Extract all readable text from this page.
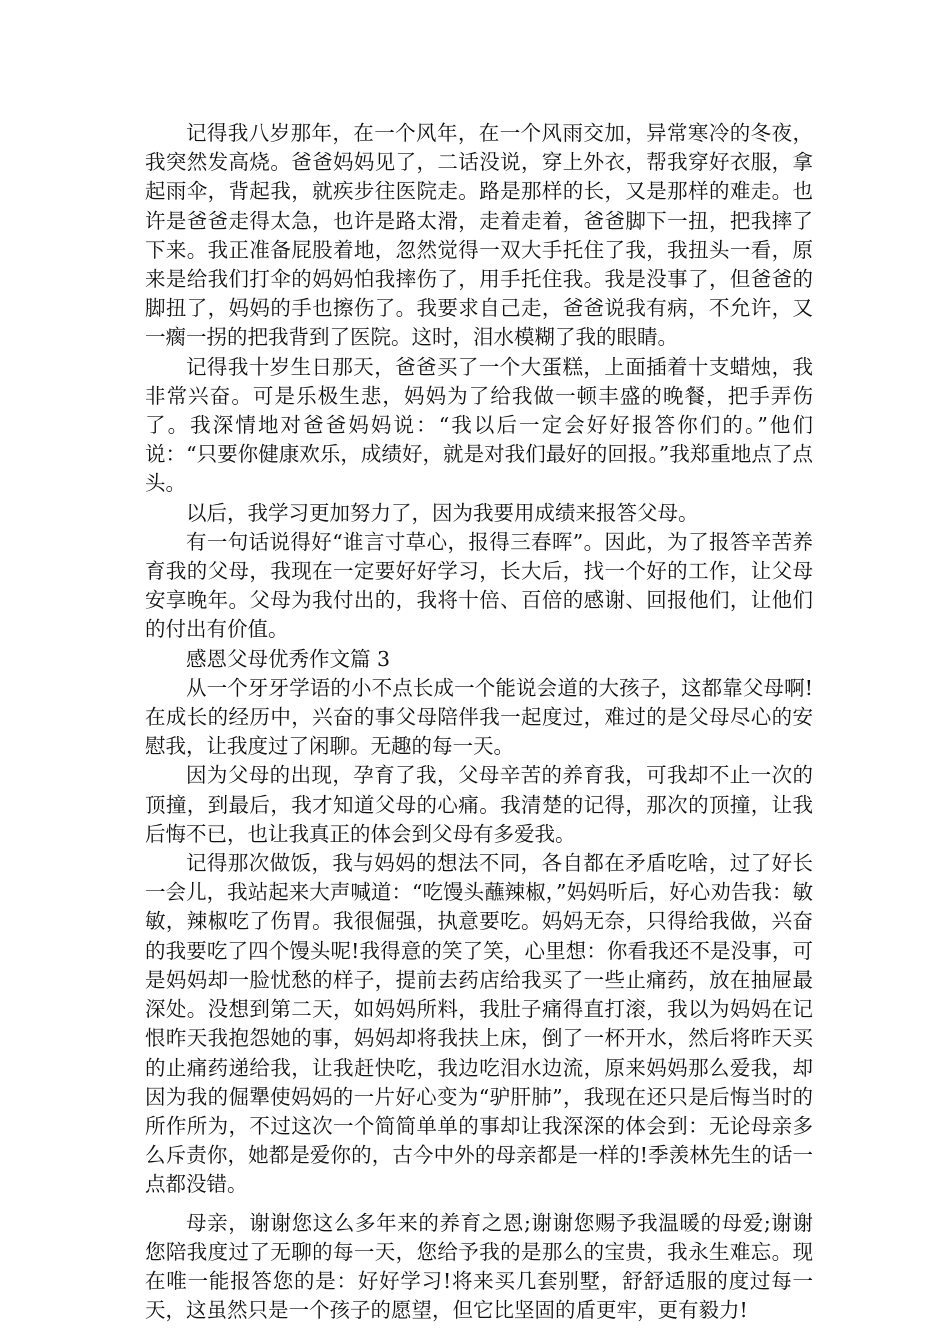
记得我八岁那年，在一个风年，在一个风雨交加，异常寒冷的冬夜，我突然发高烧。爸爸妈妈见了，二话没说，穿上外衣，帮我穿好衣服，拿起雨伞，背起我，就疾步往医院走。路是那样的长，又是那样的难走。也许是爸爸走得太急，也许是路太滑，走着走着，爸爸脚下一扭，把我摔了下来。我正准备屁股着地，忽然觉得一双大手托住了我，我扭头一看，原来是给我们打伞的妈妈怕我摔伤了，用手托住我。我是没事了，但爸爸的脚扭了，妈妈的手也擦伤了。我要求自己走，爸爸说我有病，不允许，又一瘸一拐的把我背到了医院。这时，泪水模糊了我的眼睛。

记得我十岁生日那天，爸爸买了一个大蛋糕，上面插着十支蜡烛，我非常兴奋。可是乐极生悲，妈妈为了给我做一顿丰盛的晚餐，把手弄伤了。我深情地对爸爸妈妈说：“我以后一定会好好报答你们的。”他们说：“只要你健康欢乐，成绩好，就是对我们最好的回报。”我郑重地点了点头。

以后，我学习更加努力了，因为我要用成绩来报答父母。

有一句话说得好“谁言寸草心，报得三春晖”。因此，为了报答辛苦养育我的父母，我现在一定要好好学习，长大后，找一个好的工作，让父母安享晚年。父母为我付出的，我将十倍、百倍的感谢、回报他们，让他们的付出有价值。

感恩父母优秀作文篇 3

从一个牙牙学语的小不点长成一个能说会道的大孩子，这都靠父母啊!在成长的经历中，兴奋的事父母陪伴我一起度过，难过的是父母尽心的安慰我，让我度过了闲聊。无趣的每一天。

因为父母的出现，孕育了我，父母辛苦的养育我，可我却不止一次的顶撞，到最后，我才知道父母的心痛。我清楚的记得，那次的顶撞，让我后悔不已，也让我真正的体会到父母有多爱我。

记得那次做饭，我与妈妈的想法不同，各自都在矛盾吃啥，过了好长一会儿，我站起来大声喊道：“吃馒头蘸辣椒，”妈妈听后，好心劝告我：敏敏，辣椒吃了伤胃。我很倔强，执意要吃。妈妈无奈，只得给我做，兴奋的我要吃了四个馒头呢!我得意的笑了笑，心里想：你看我还不是没事，可是妈妈却一脸忧愁的样子，提前去药店给我买了一些止痛药，放在抽屉最深处。没想到第二天，如妈妈所料，我肚子痛得直打滚，我以为妈妈在记恨昨天我抱怨她的事，妈妈却将我扶上床，倒了一杯开水，然后将昨天买的止痛药递给我，让我赶快吃，我边吃泪水边流，原来妈妈那么爱我，却因为我的倔犟使妈妈的一片好心变为“驴肝肺”，我现在还只是后悔当时的所作所为，不过这次一个简简单单的事却让我深深的体会到：无论母亲多么斥责你，她都是爱你的，古今中外的母亲都是一样的!季羡林先生的话一点都没错。

母亲，谢谢您这么多年来的养育之恩;谢谢您赐予我温暖的母爱;谢谢您陪我度过了无聊的每一天，您给予我的是那么的宝贵，我永生难忘。现在唯一能报答您的是：好好学习!将来买几套别墅，舒舒适服的度过每一天，这虽然只是一个孩子的愿望，但它比坚固的盾更牢，更有毅力!
